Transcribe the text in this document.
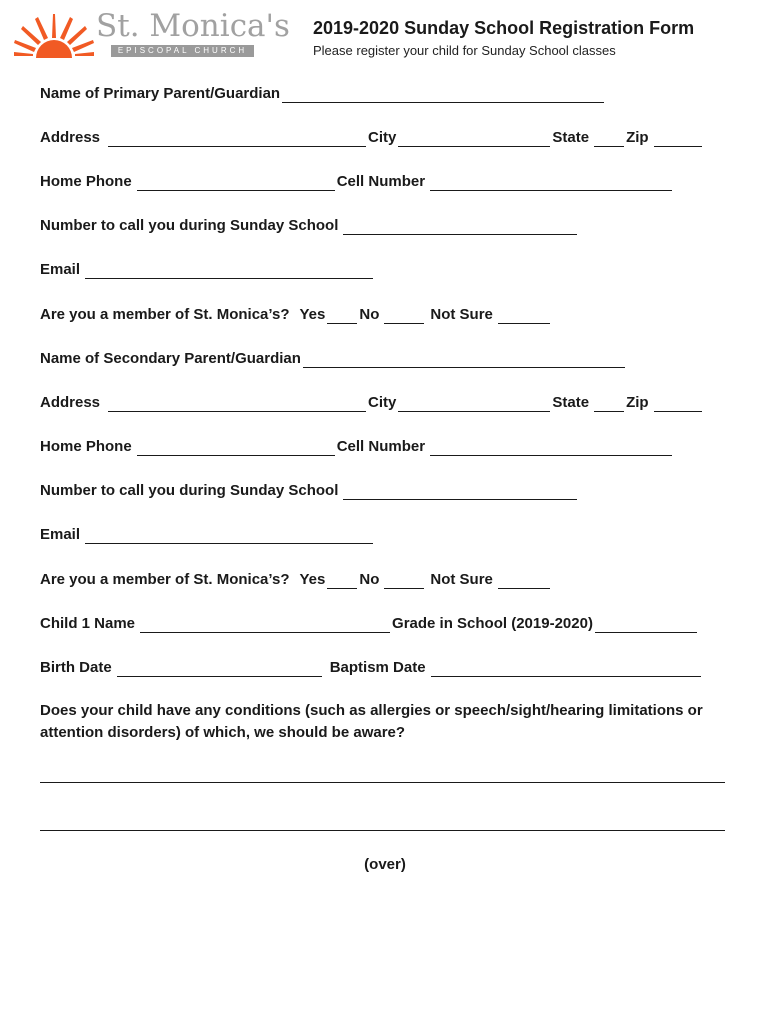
St. Monica's
EPISCOPAL CHURCH
2019-2020 Sunday School Registration Form
Please register your child for Sunday School classes
Name of Primary Parent/Guardian
Address	City	State Zip
Home Phone	Cell Number
Number to call you during Sunday School
Email
Are you a member of St. Monica’s? Yes No	Not Sure
Name of Secondary Parent/Guardian
Address	City	State Zip
Home Phone	Cell Number
Number to call you during Sunday School
Email
Are you a member of St. Monica’s? Yes No	Not Sure
Child 1 Name	Grade in School (2019-2020)
Birth Date	Baptism Date
Does your child have any conditions (such as allergies or speech/sight/hearing limitations or attention disorders) of which, we should be aware?
(over)
